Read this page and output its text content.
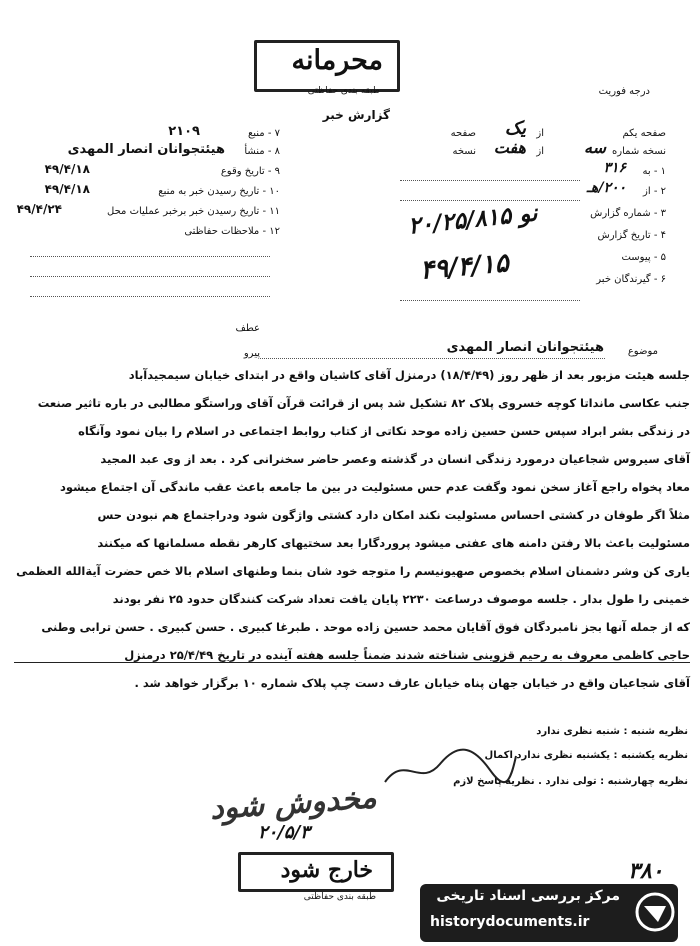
محرمانه
طبقه بندی حفاظتی	درجه فوریت
گزارش خبر
صفحه یکم
از
یک
صفحه
نسخه شماره
سه
از
هفت
نسخه
۱ - به
۳۱۶
۲ - از
۲۰۰/هـ
۳ - شماره گزارش
۴ - تاریخ گزارش
۵ - پیوست
۶ - گیرندگان خبر
۲۰/۲۵/۸۱۵ نو
۴۹/۴/۱۵
۷ - منبع
۲۱۰۹
۸ - منشأ
هیئتجوانان انصار المهدی
۹ - تاریخ وقوع
۴۹/۴/۱۸
۱۰ - تاریخ رسیدن خبر به منبع
۴۹/۴/۱۸
۱۱ - تاریخ رسیدن خبر برخبر عملیات محل
۴۹/۴/۲۴
۱۲ - ملاحظات حفاظتی
عطف
پیرو	موضوع
هیئتجوانان انصار المهدی
جلسه هیئت مزبور بعد از ظهر روز (۱۸/۴/۴۹) درمنزل آقای کاشیان واقع در ابتدای خیابان سیمجیدآباد
جنب عکاسی مانداتا کوچه خسروی پلاک ۸۲ تشکیل شد پس از قرائت قرآن آقای وراستگو مطالبی در باره تاثیر صنعت
در زندگی بشر ابراد سپس حسن حسین زاده موحد نکاتی از کتاب روابط اجتماعی در اسلام را بیان نمود وآنگاه
آقای سیروس شجاعیان درمورد زندگی انسان در گذشته وعصر حاضر سخنرانی کرد . بعد از وی عبد المجید
معاد پخواه راجع آغاز سخن نمود وگفت عدم حس مسئولیت در بین ما جامعه باعث عقب ماندگی آن اجتماع میشود
مثلاً اگر طوفان در کشتی احساس مسئولیت نکند امکان دارد کشتی واژگون شود ودراجتماع هم نبودن حس
مسئولیت باعث بالا رفتن دامنه های عفتی میشود پروردگارا بعد سختیهای کارهر نقطه مسلمانها که میکنند
یاری کن وشر دشمنان اسلام بخصوص صهیونیسم را متوجه خود شان بنما وطنهای اسلام بالا خص حضرت آیةالله العظمی
خمینی را طول بدار . جلسه موصوف درساعت ۲۲۳۰ پایان یافت تعداد شرکت کنندگان حدود ۲۵ نفر بودند
که از جمله آنها بجز نامبردگان فوق آقایان محمد حسین زاده موحد . طبرغا کبیری . حسن کبیری . حسن ترابی وطنی
حاجی کاظمی معروف به رحیم قزوینی شناخته شدند ضمناً جلسه هفته آینده در تاریخ ۲۵/۴/۴۹ درمنزل
آقای شجاعیان واقع در خیابان جهان پناه خیابان عارف دست چپ پلاک شماره ۱۰ برگزار خواهد شد .
نظریه شنبه : شنبه نظری ندارد
نظریه یکشنبه : یکشنبه نظری ندارد اکمال
نظریه چهارشنبه : تولی ندارد . نظریه پاسخ لازم
مخدوش شود
۲۰/۵/۳
خارج شود
طبقه بندی حفاظتی
۳۸۰
مرکز بررسی اسناد تاریخی
historydocuments.ir
